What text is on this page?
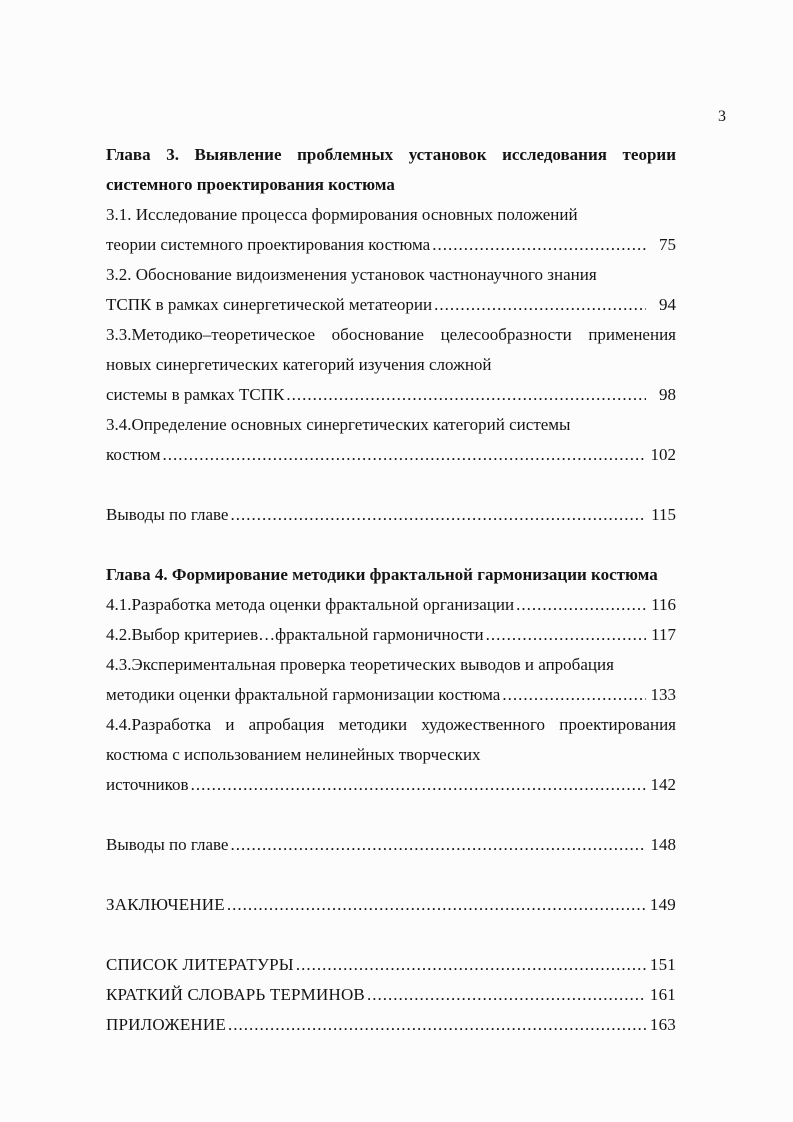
3
Глава 3. Выявление проблемных установок исследования теории системного проектирования костюма
3.1. Исследование процесса формирования основных положений
теории системного проектирования костюма .....	75
3.2. Обоснование видоизменения установок частнонаучного знания
ТСПК в рамках синергетической метатеории .....	94
3.3.Методико–теоретическое обоснование целесообразности применения новых синергетических категорий изучения сложной
системы в рамках ТСПК .....	98
3.4.Определение основных синергетических категорий системы
костюм .....	102
Выводы по главе .....	115
Глава 4. Формирование методики фрактальной гармонизации костюма
4.1.Разработка метода оценки фрактальной организации .....	116
4.2.Выбор критериев…фрактальной гармоничности .....	117
4.3.Экспериментальная проверка теоретических выводов и апробация
методики оценки фрактальной гармонизации костюма .....	133
4.4.Разработка и апробация методики художественного проектирования костюма с использованием нелинейных творческих
источников .....	142
Выводы по главе .....	148
ЗАКЛЮЧЕНИЕ .....	149
СПИСОК ЛИТЕРАТУРЫ .....	151
КРАТКИЙ СЛОВАРЬ ТЕРМИНОВ .....	161
ПРИЛОЖЕНИЕ .....	163
